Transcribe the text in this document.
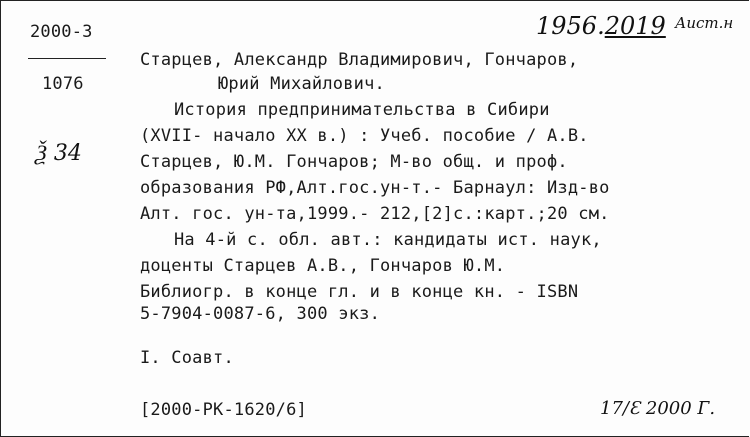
2000-3
1076
Ѯ 34
1956.2019 Аист.н
Старцев, Александр Владимирович, Гончаров,
Юрий Михайлович.
История предпринимательства в Сибири
(XVII- начало XX в.) : Учеб. пособие / А.В.
Старцев, Ю.М. Гончаров; М-во общ. и проф.
образования РФ,Алт.гос.ун-т.- Барнаул: Изд-во
Алт. гос. ун-та,1999.- 212,[2]с.:карт.;20 см.
На 4-й с. обл. авт.: кандидаты ист. наук,
доценты Старцев А.В., Гончаров Ю.М.
Библиогр. в конце гл. и в конце кн. - ISBN
5-7904-0087-6, 300 экз.
I. Соавт.
[2000-РК-1620/6]	17/Ɛ 2000 Г.
